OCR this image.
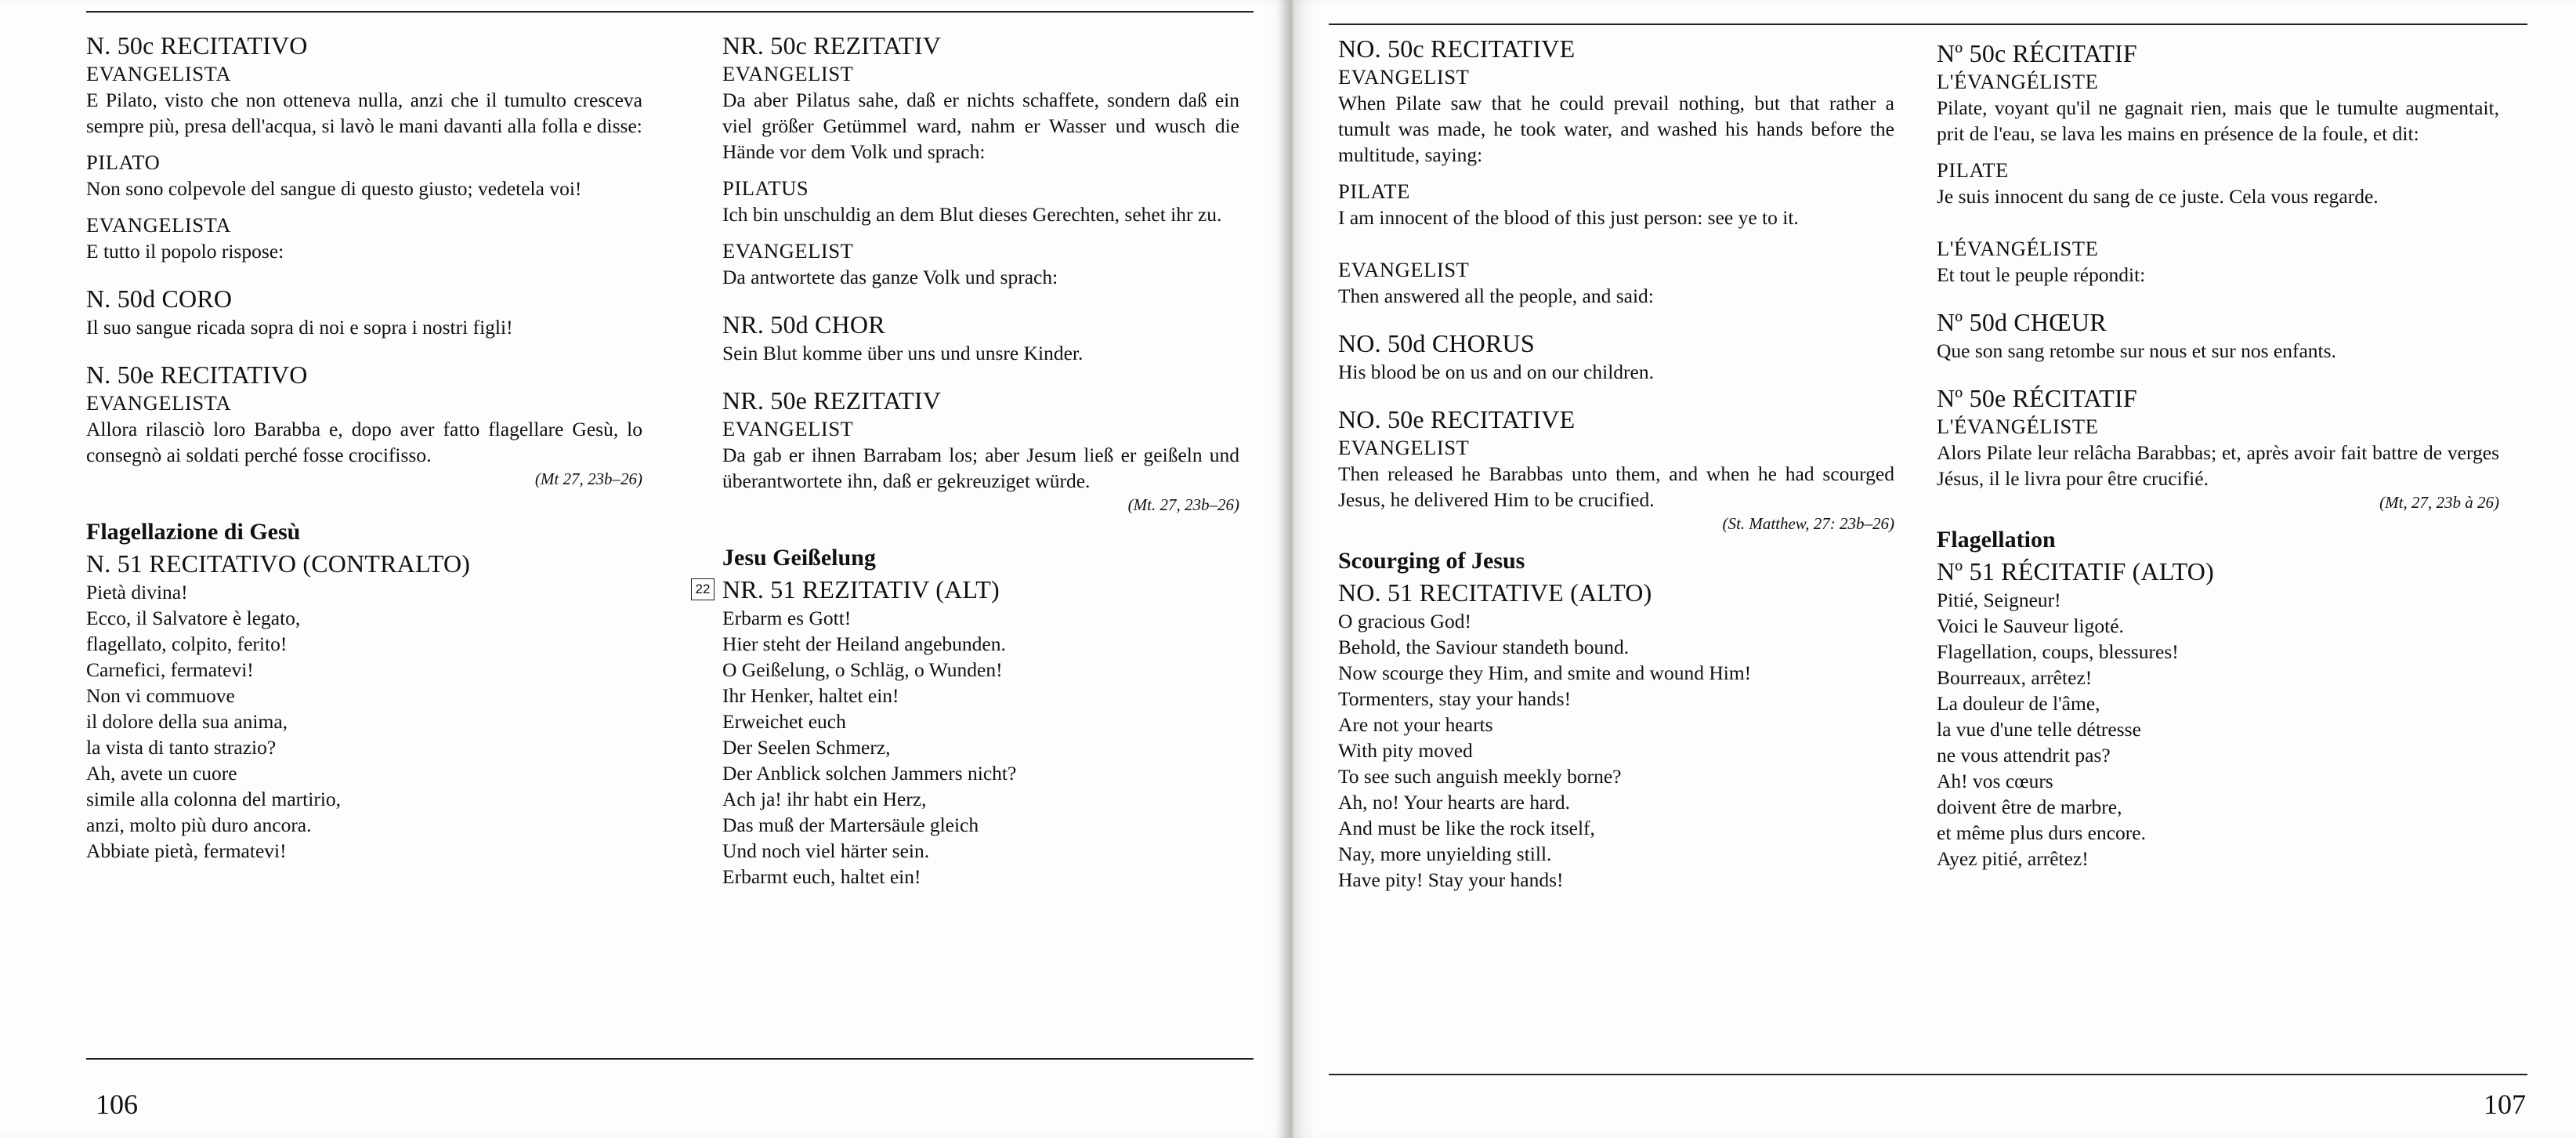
N. 50c RECITATIVO

EVANGELISTA

E Pilato, visto che non otteneva nulla, anzi che il tumulto cresceva sempre più, presa dell'acqua, si lavò le mani davanti alla folla e disse:

PILATO

Non sono colpevole del sangue di questo giusto; vedetela voi!

EVANGELISTA

E tutto il popolo rispose:

N. 50d CORO

Il suo sangue ricada sopra di noi e sopra i nostri figli!

N. 50e RECITATIVO

EVANGELISTA

Allora rilasciò loro Barabba e, dopo aver fatto flagellare Gesù, lo consegnò ai soldati perché fosse crocifisso.

(Mt 27, 23b–26)

Flagellazione di Gesù

N. 51 RECITATIVO (CONTRALTO)

Pietà divina!

Ecco, il Salvatore è legato,

flagellato, colpito, ferito!

Carnefici, fermatevi!

Non vi commuove

il dolore della sua anima,

la vista di tanto strazio?

Ah, avete un cuore

simile alla colonna del martirio,

anzi, molto più duro ancora.

Abbiate pietà, fermatevi!

NR. 50c REZITATIV

EVANGELIST

Da aber Pilatus sahe, daß er nichts schaffete, sondern daß ein viel größer Getümmel ward, nahm er Wasser und wusch die Hände vor dem Volk und sprach:

PILATUS

Ich bin unschuldig an dem Blut dieses Gerechten, sehet ihr zu.

EVANGELIST

Da antwortete das ganze Volk und sprach:

NR. 50d CHOR

Sein Blut komme über uns und unsre Kinder.

NR. 50e REZITATIV

EVANGELIST

Da gab er ihnen Barrabam los; aber Jesum ließ er geißeln und überantwortete ihn, daß er gekreuziget würde.

(Mt. 27, 23b–26)

Jesu Geißelung

22 NR. 51 REZITATIV (ALT)

Erbarm es Gott!

Hier steht der Heiland angebunden.

O Geißelung, o Schläg, o Wunden!

Ihr Henker, haltet ein!

Erweichet euch

Der Seelen Schmerz,

Der Anblick solchen Jammers nicht?

Ach ja! ihr habt ein Herz,

Das muß der Martersäule gleich

Und noch viel härter sein.

Erbarmt euch, haltet ein!

106

NO. 50c RECITATIVE

EVANGELIST

When Pilate saw that he could prevail nothing, but that rather a tumult was made, he took water, and washed his hands before the multitude, saying:

PILATE

I am innocent of the blood of this just person: see ye to it.

EVANGELIST

Then answered all the people, and said:

NO. 50d CHORUS

His blood be on us and on our children.

NO. 50e RECITATIVE

EVANGELIST

Then released he Barabbas unto them, and when he had scourged Jesus, he delivered Him to be crucified.

(St. Matthew, 27: 23b–26)

Scourging of Jesus

NO. 51 RECITATIVE (ALTO)

O gracious God!

Behold, the Saviour standeth bound.

Now scourge they Him, and smite and wound Him!

Tormenters, stay your hands!

Are not your hearts

With pity moved

To see such anguish meekly borne?

Ah, no! Your hearts are hard.

And must be like the rock itself,

Nay, more unyielding still.

Have pity! Stay your hands!

Nº 50c RÉCITATIF

L'ÉVANGÉLISTE

Pilate, voyant qu'il ne gagnait rien, mais que le tumulte augmentait, prit de l'eau, se lava les mains en présence de la foule, et dit:

PILATE

Je suis innocent du sang de ce juste. Cela vous regarde.

L'ÉVANGÉLISTE

Et tout le peuple répondit:

Nº 50d CHŒUR

Que son sang retombe sur nous et sur nos enfants.

Nº 50e RÉCITATIF

L'ÉVANGÉLISTE

Alors Pilate leur relâcha Barabbas; et, après avoir fait battre de verges Jésus, il le livra pour être crucifié.

(Mt, 27, 23b à 26)

Flagellation

Nº 51 RÉCITATIF (ALTO)

Pitié, Seigneur!

Voici le Sauveur ligoté.

Flagellation, coups, blessures!

Bourreaux, arrêtez!

La douleur de l'âme,

la vue d'une telle détresse

ne vous attendrit pas?

Ah! vos cœurs

doivent être de marbre,

et même plus durs encore.

Ayez pitié, arrêtez!

107
